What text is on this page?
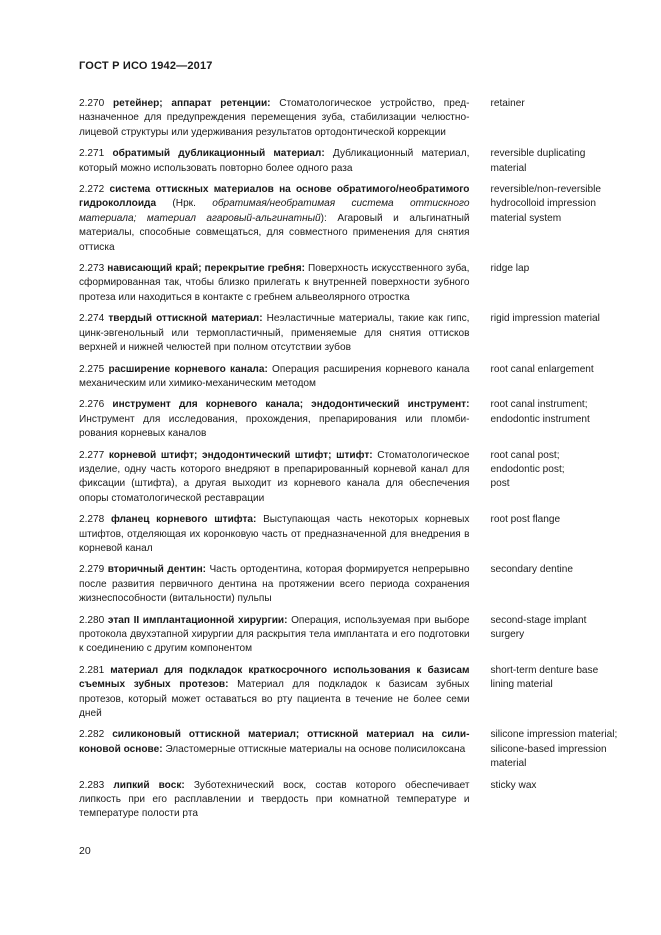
ГОСТ Р ИСО 1942—2017
2.270 ретейнер; аппарат ретенции: Стоматологическое устройство, предназначенное для предупреждения перемещения зуба, стабилизации челюстно-лицевой структуры или удерживания результатов ортодонтической коррекции
retainer
2.271 обратимый дубликационный материал: Дубликационный материал, который можно использовать повторно более одного раза
reversible duplicating material
2.272 система оттискных материалов на основе обратимого/необратимого гидроколлоида (Нрк. обратимая/необратимая система оттискного материала; материал агаровый-альгинатный): Агаровый и альгинатный материалы, способные совмещаться, для совместного применения для снятия оттиска
reversible/non-reversible hydrocolloid impression material system
2.273 нависающий край; перекрытие гребня: Поверхность искусственного зуба, сформированная так, чтобы близко прилегать к внутренней поверхности зубного протеза или находиться в контакте с гребнем альвеолярного отростка
ridge lap
2.274 твердый оттискной материал: Неэластичные материалы, такие как гипс, цинк-эвгенольный или термопластичный, применяемые для снятия оттисков верхней и нижней челюстей при полном отсутствии зубов
rigid impression material
2.275 расширение корневого канала: Операция расширения корневого канала механическим или химико-механическим методом
root canal enlargement
2.276 инструмент для корневого канала; эндодонтический инструмент: Инструмент для исследования, прохождения, препарирования или пломбирования корневых каналов
root canal instrument;
endodontic instrument
2.277 корневой штифт; эндодонтический штифт; штифт: Стоматологическое изделие, одну часть которого внедряют в препарированный корневой канал для фиксации (штифта), а другая выходит из корневого канала для обеспечения опоры стоматологической реставрации
root canal post;
endodontic post;
post
2.278 фланец корневого штифта: Выступающая часть некоторых корневых штифтов, отделяющая их коронковую часть от предназначенной для внедрения в корневой канал
root post flange
2.279 вторичный дентин: Часть ортодентина, которая формируется непрерывно после развития первичного дентина на протяжении всего периода сохранения жизнеспособности (витальности) пульпы
secondary dentine
2.280 этап II имплантационной хирургии: Операция, используемая при выборе протокола двухэтапной хирургии для раскрытия тела имплантата и его подготовки к соединению с другим компонентом
second-stage implant surgery
2.281 материал для подкладок краткосрочного использования к базисам съемных зубных протезов: Материал для подкладок к базисам зубных протезов, который может оставаться во рту пациента в течение не более семи дней
short-term denture base lining material
2.282 силиконовый оттискной материал; оттискной материал на силиконовой основе: Эластомерные оттискные материалы на основе полисилоксана
silicone impression material;
silicone-based impression material
2.283 липкий воск: Зуботехнический воск, состав которого обеспечивает липкость при его расплавлении и твердость при комнатной температуре и температуре полости рта
sticky wax
20
